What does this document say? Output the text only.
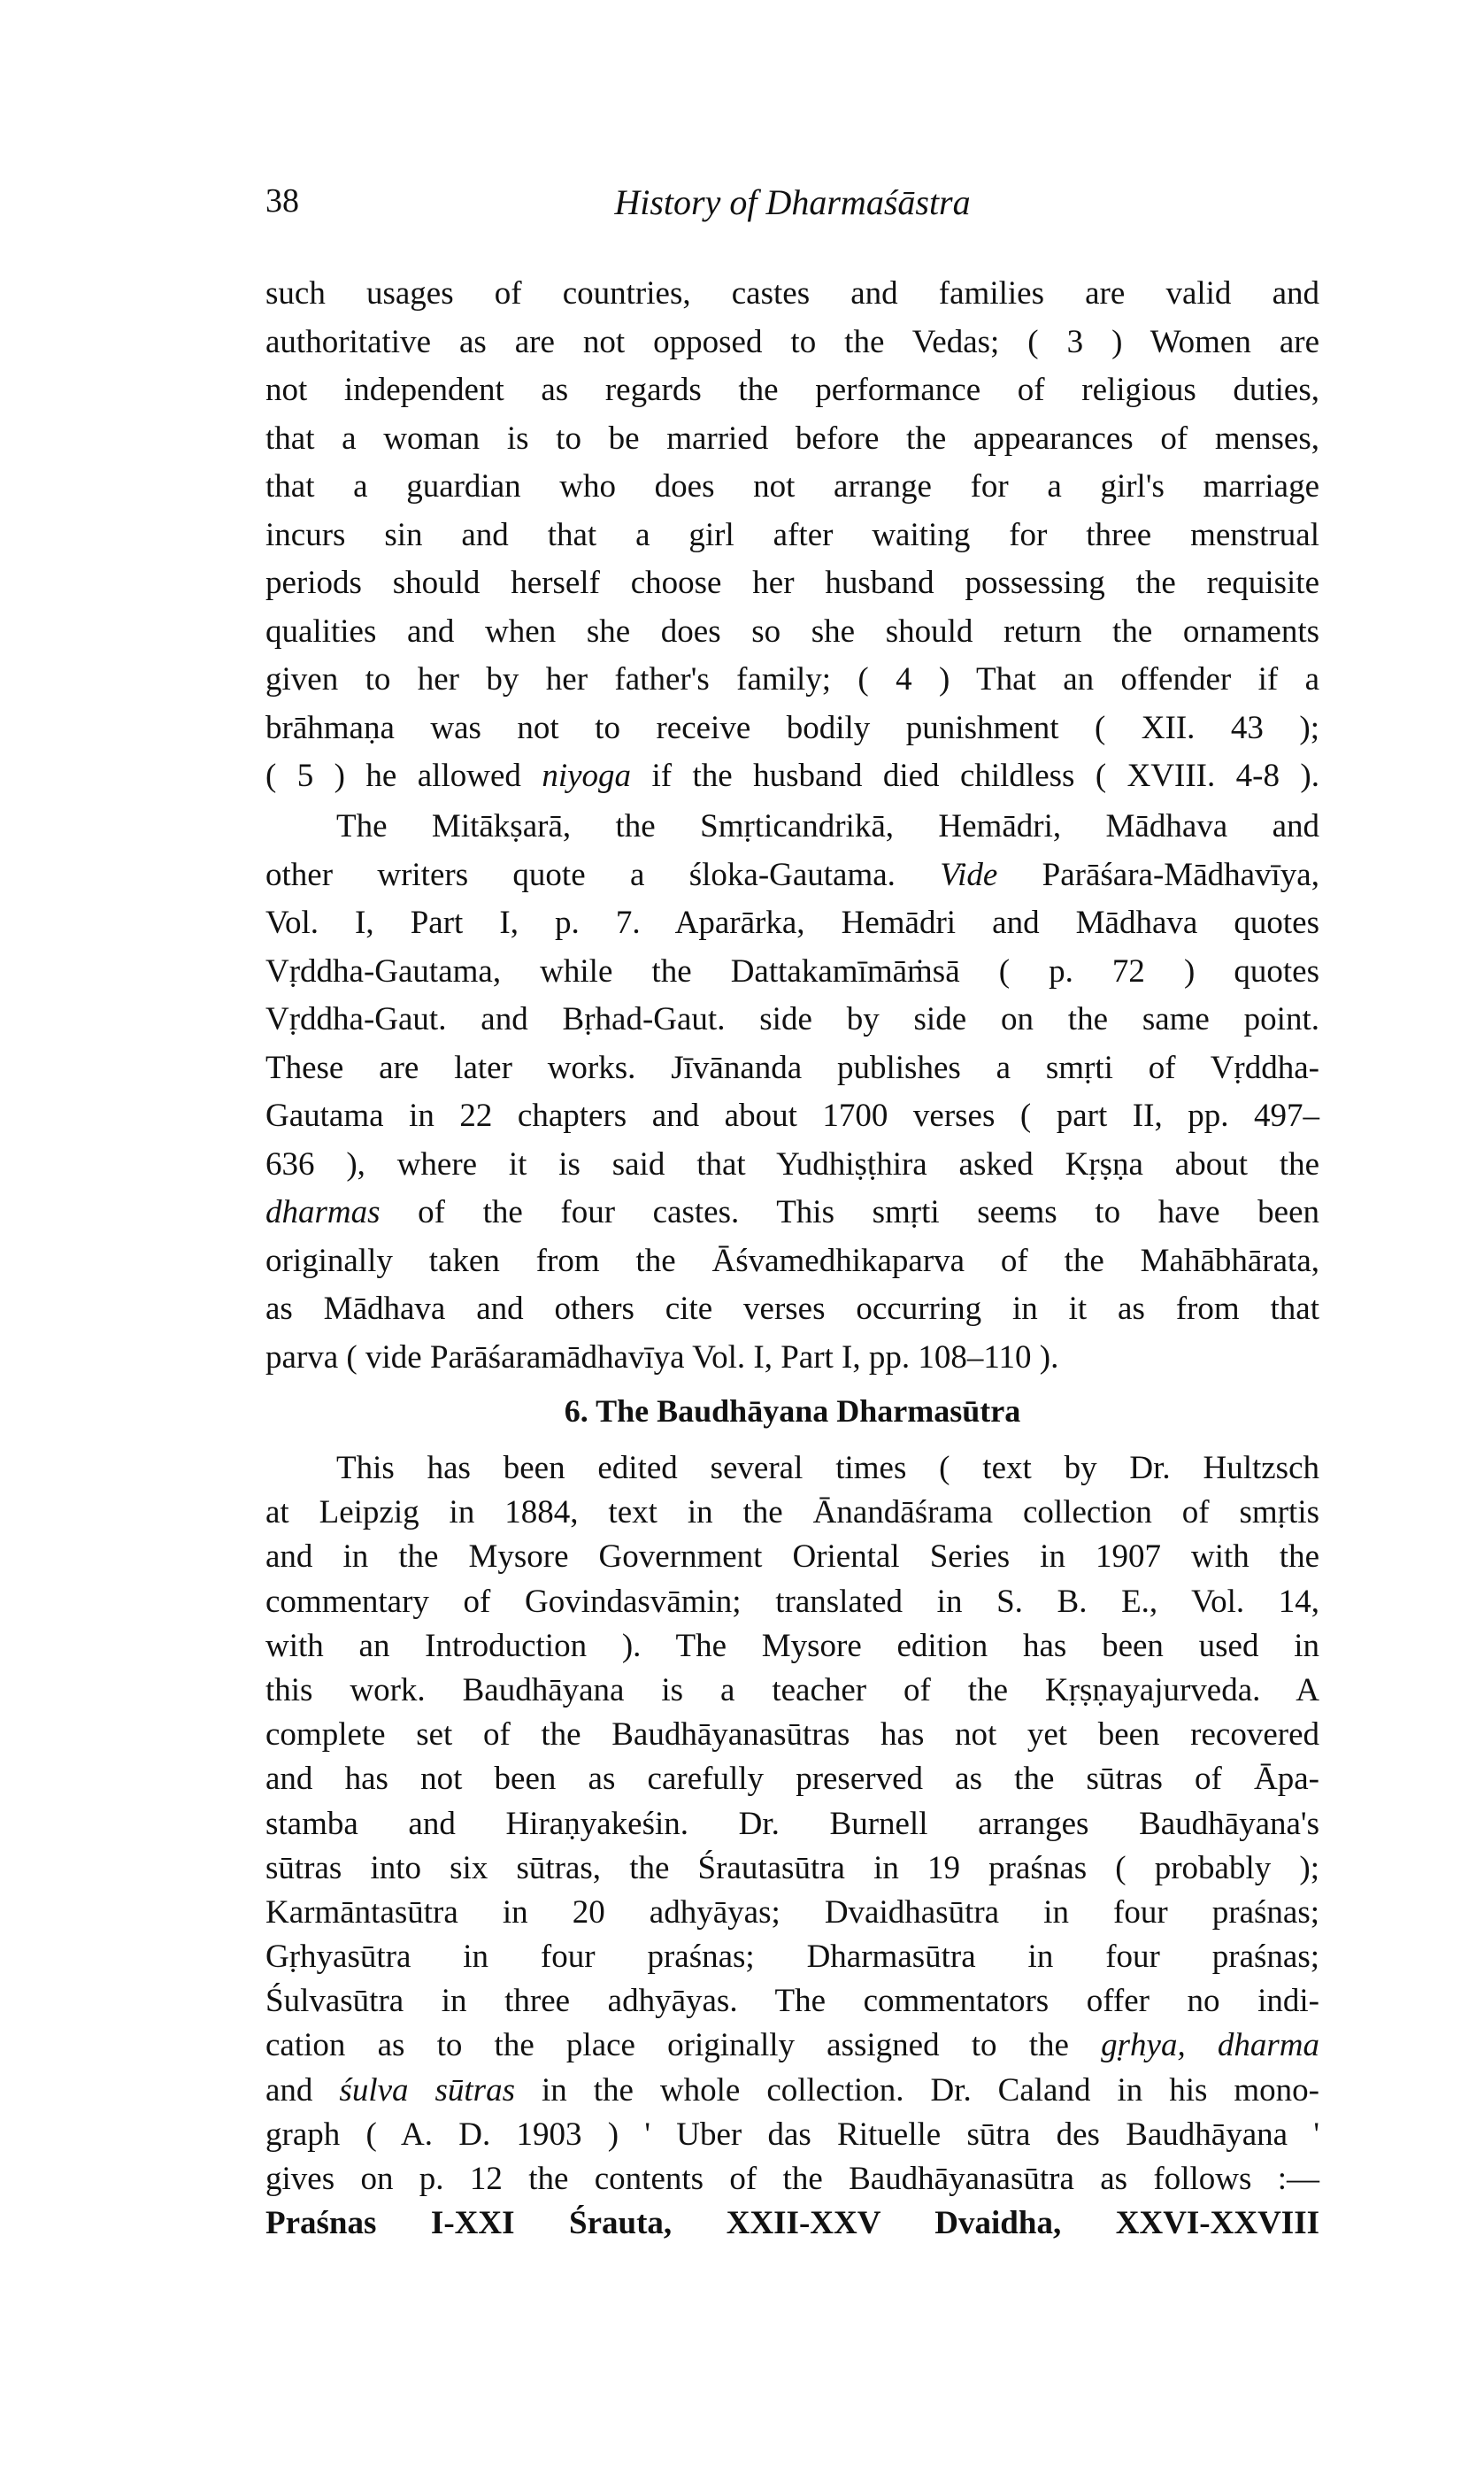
38	History of Dharmaśāstra
such usages of countries, castes and families are valid and
authoritative as are not opposed to the Vedas; ( 3 ) Women are
not independent as regards the performance of religious duties,
that a woman is to be married before the appearances of menses,
that a guardian who does not arrange for a girl's marriage
incurs sin and that a girl after waiting for three menstrual
periods should herself choose her husband possessing the requisite
qualities and when she does so she should return the ornaments
given to her by her father's family; ( 4 ) That an offender if a
brāhmaṇa was not to receive bodily punishment ( XII. 43 );
( 5 ) he allowed niyoga if the husband died childless ( XVIII. 4-8 ).
The Mitākṣarā, the Smṛticandrikā, Hemādri, Mādhava and
other writers quote a śloka-Gautama. Vide Parāśara-Mādhavīya,
Vol. I, Part I, p. 7. Aparārka, Hemādri and Mādhava quotes
Vṛddha-Gautama, while the Dattakamīmāṁsā ( p. 72 ) quotes
Vṛddha-Gaut. and Bṛhad-Gaut. side by side on the same point.
These are later works. Jīvānanda publishes a smṛti of Vṛddha-
Gautama in 22 chapters and about 1700 verses ( part II, pp. 497–
636 ), where it is said that Yudhiṣṭhira asked Kṛṣṇa about the
dharmas of the four castes. This smṛti seems to have been
originally taken from the Āśvamedhikaparva of the Mahābhārata,
as Mādhava and others cite verses occurring in it as from that
parva ( vide Parāśaramādhavīya Vol. I, Part I, pp. 108–110 ).
6. The Baudhāyana Dharmasūtra
This has been edited several times ( text by Dr. Hultzsch
at Leipzig in 1884, text in the Ānandāśrama collection of smṛtis
and in the Mysore Government Oriental Series in 1907 with the
commentary of Govindasvāmin; translated in S. B. E., Vol. 14,
with an Introduction ). The Mysore edition has been used in
this work. Baudhāyana is a teacher of the Kṛṣṇayajurveda. A
complete set of the Baudhāyanasūtras has not yet been recovered
and has not been as carefully preserved as the sūtras of Āpa-
stamba and Hiraṇyakeśin. Dr. Burnell arranges Baudhāyana's
sūtras into six sūtras, the Śrautasūtra in 19 praśnas ( probably );
Karmāntasūtra in 20 adhyāyas; Dvaidhasūtra in four praśnas;
Gṛhyasūtra in four praśnas; Dharmasūtra in four praśnas;
Śulvasūtra in three adhyāyas. The commentators offer no indi-
cation as to the place originally assigned to the gṛhya, dharma
and śulva sūtras in the whole collection. Dr. Caland in his mono-
graph ( A. D. 1903 ) ' Uber das Rituelle sūtra des Baudhāyana '
gives on p. 12 the contents of the Baudhāyanasūtra as follows :—
Praśnas I-XXI Śrauta, XXII-XXV Dvaidha, XXVI-XXVIII
